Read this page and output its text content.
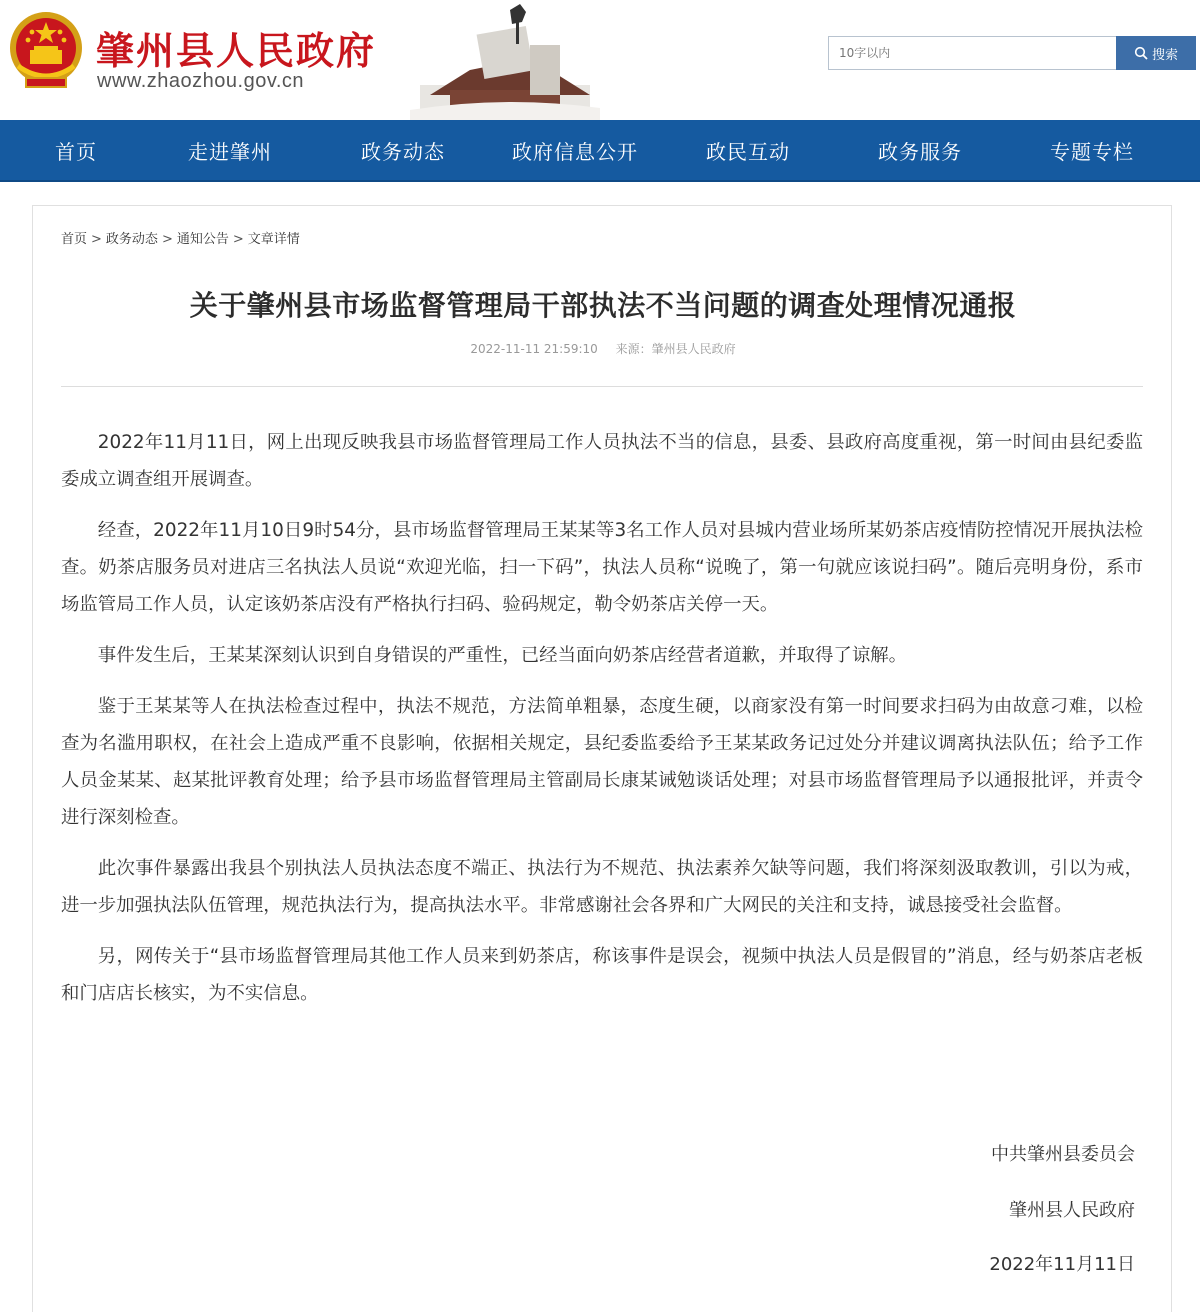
肇州县人民政府
www.zhaozhou.gov.cn
10字以内
搜索
首页	走进肇州	政务动态	政府信息公开	政民互动	政务服务	专题专栏
首页 > 政务动态 > 通知公告 > 文章详情
关于肇州县市场监督管理局干部执法不当问题的调查处理情况通报
2022-11-11 21:59:10 来源：肇州县人民政府

2022年11月11日，网上出现反映我县市场监督管理局工作人员执法不当的信息，县委、县政府高度重视，第一时间由县纪委监委成立调查组开展调查。

经查，2022年11月10日9时54分，县市场监督管理局王某某等3名工作人员对县城内营业场所某奶茶店疫情防控情况开展执法检查。奶茶店服务员对进店三名执法人员说“欢迎光临，扫一下码”，执法人员称“说晚了，第一句就应该说扫码”。随后亮明身份，系市场监管局工作人员，认定该奶茶店没有严格执行扫码、验码规定，勒令奶茶店关停一天。

事件发生后，王某某深刻认识到自身错误的严重性，已经当面向奶茶店经营者道歉，并取得了谅解。

鉴于王某某等人在执法检查过程中，执法不规范，方法简单粗暴，态度生硬，以商家没有第一时间要求扫码为由故意刁难，以检查为名滥用职权，在社会上造成严重不良影响，依据相关规定，县纪委监委给予王某某政务记过处分并建议调离执法队伍；给予工作人员金某某、赵某批评教育处理；给予县市场监督管理局主管副局长康某诫勉谈话处理；对县市场监督管理局予以通报批评，并责令进行深刻检查。

此次事件暴露出我县个别执法人员执法态度不端正、执法行为不规范、执法素养欠缺等问题，我们将深刻汲取教训，引以为戒，进一步加强执法队伍管理，规范执法行为，提高执法水平。非常感谢社会各界和广大网民的关注和支持，诚恳接受社会监督。

另，网传关于“县市场监督管理局其他工作人员来到奶茶店，称该事件是误会，视频中执法人员是假冒的”消息，经与奶茶店老板和门店店长核实，为不实信息。

中共肇州县委员会
肇州县人民政府
2022年11月11日
